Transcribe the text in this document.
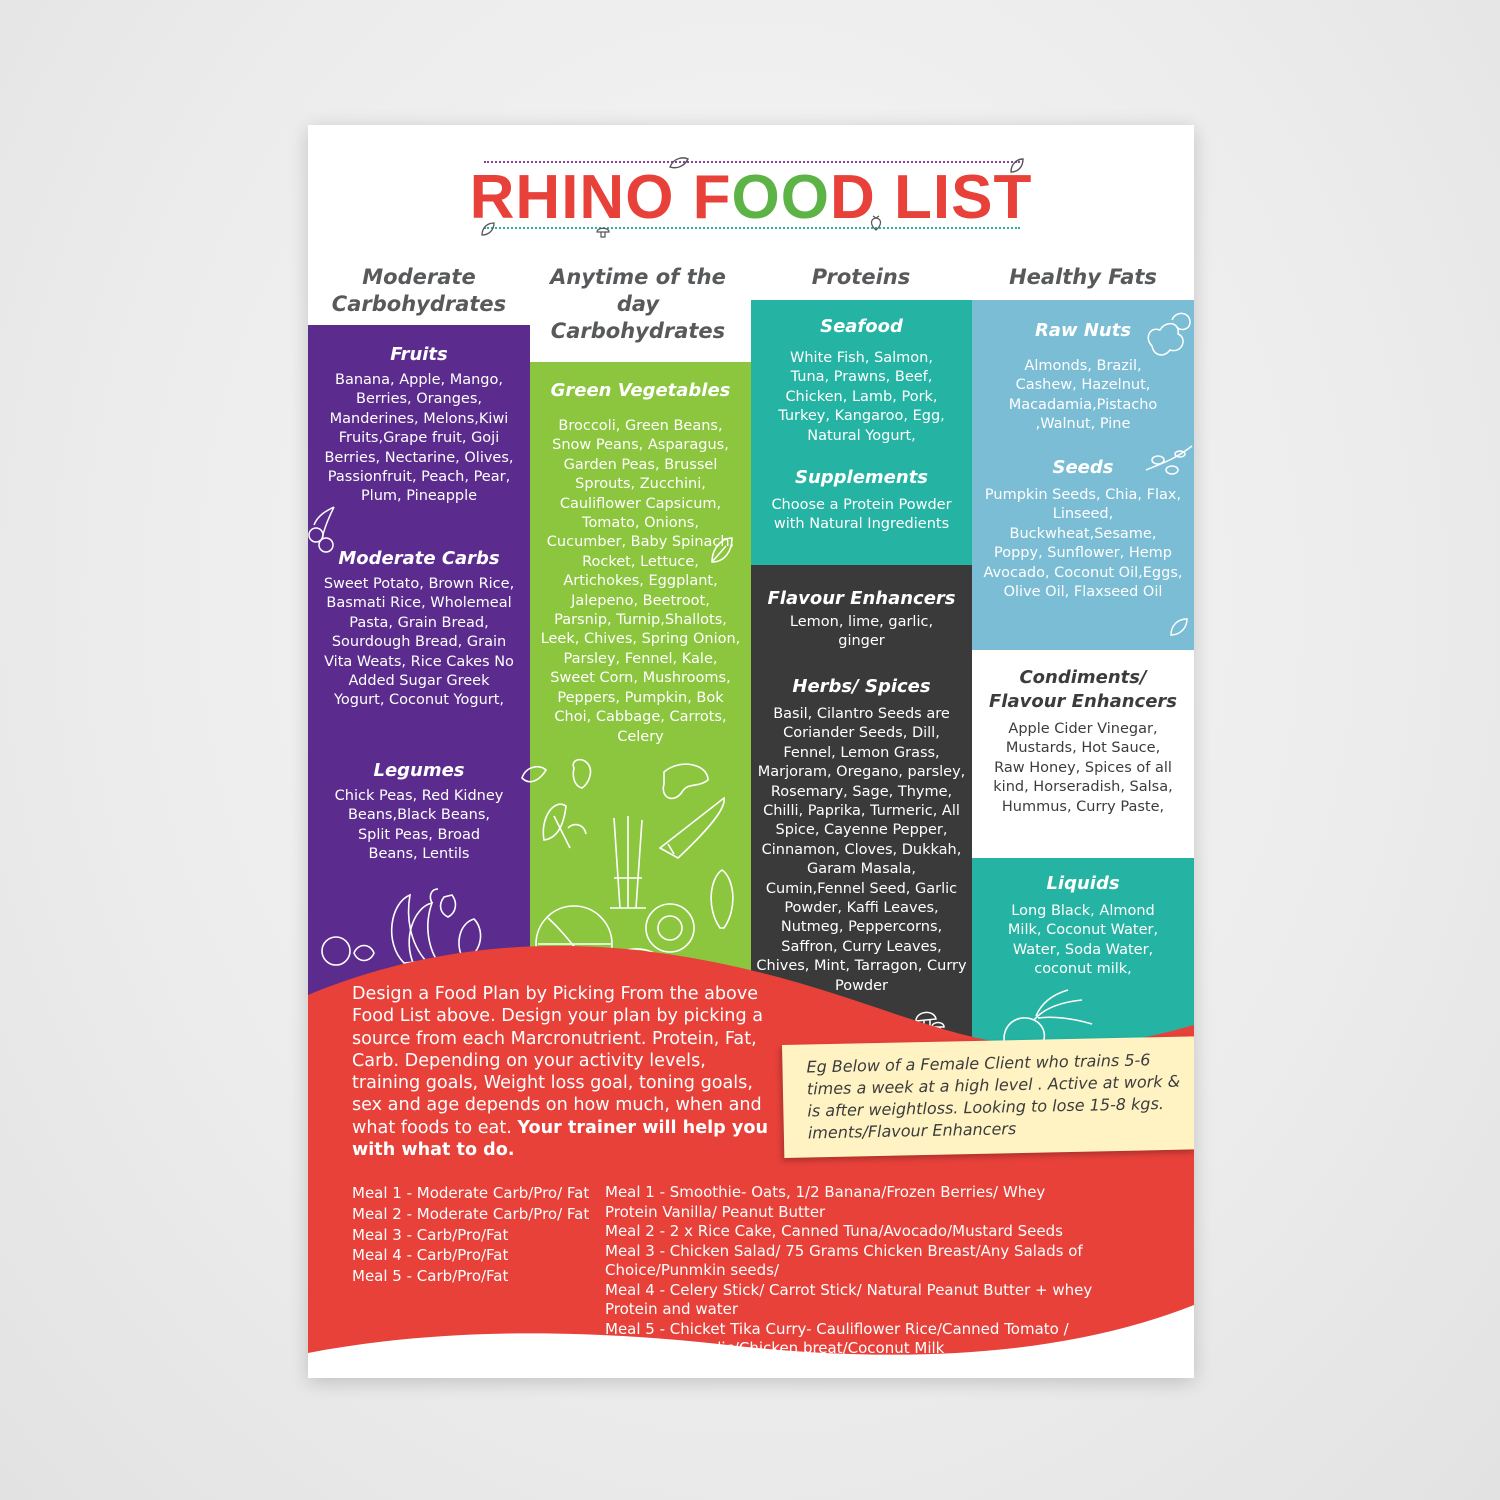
RHINO FOOD LIST
Moderate Carbohydrates
Anytime of the day Carbohydrates
Proteins	Healthy Fats
Fruits
Banana, Apple, Mango, Berries, Oranges, Manderines, Melons,Kiwi Fruits,Grape fruit, Goji Berries, Nectarine, Olives, Passionfruit, Peach, Pear, Plum, Pineapple
Moderate Carbs
Sweet Potato, Brown Rice, Basmati Rice, Wholemeal Pasta, Grain Bread, Sourdough Bread, Grain Vita Weats, Rice Cakes No Added Sugar Greek Yogurt, Coconut Yogurt,
Legumes
Chick Peas, Red Kidney Beans,Black Beans, Split Peas, Broad Beans, Lentils
Green Vegetables
Broccoli, Green Beans, Snow Peans, Asparagus, Garden Peas, Brussel Sprouts, Zucchini, Cauliflower Capsicum, Tomato, Onions, Cucumber, Baby Spinach, Rocket, Lettuce, Artichokes, Eggplant, Jalepeno, Beetroot, Parsnip, Turnip,Shallots, Leek, Chives, Spring Onion, Parsley, Fennel, Kale, Sweet Corn, Mushrooms, Peppers, Pumpkin, Bok Choi, Cabbage, Carrots, Celery
Seafood
White Fish, Salmon, Tuna, Prawns, Beef, Chicken, Lamb, Pork, Turkey, Kangaroo, Egg, Natural Yogurt,
Supplements
Choose a Protein Powder with Natural Ingredients
Flavour Enhancers
Lemon, lime, garlic, ginger
Herbs/ Spices
Basil, Cilantro Seeds are Coriander Seeds, Dill, Fennel, Lemon Grass, Marjoram, Oregano, parsley, Rosemary, Sage, Thyme, Chilli, Paprika, Turmeric, All Spice, Cayenne Pepper, Cinnamon, Cloves, Dukkah, Garam Masala, Cumin,Fennel Seed, Garlic Powder, Kaffi Leaves, Nutmeg, Peppercorns, Saffron, Curry Leaves, Chives, Mint, Tarragon, Curry Powder
Raw Nuts
Almonds, Brazil, Cashew, Hazelnut, Macadamia,Pistacho ,Walnut, Pine
Seeds
Pumpkin Seeds, Chia, Flax, Linseed, Buckwheat,Sesame, Poppy, Sunflower, Hemp Avocado, Coconut Oil,Eggs, Olive Oil, Flaxseed Oil
Condiments/ Flavour Enhancers
Apple Cider Vinegar, Mustards, Hot Sauce, Raw Honey, Spices of all kind, Horseradish, Salsa, Hummus, Curry Paste,
Liquids
Long Black, Almond Milk, Coconut Water, Water, Soda Water, coconut milk,
Design a Food Plan by Picking From the above Food List above. Design your plan by picking a source from each Marcronutrient. Protein, Fat, Carb. Depending on your activity levels, training goals, Weight loss goal, toning goals, sex and age depends on how much, when and what foods to eat. Your trainer will help you with what to do.
Eg Below of a Female Client who trains 5-6 times a week at a high level . Active at work & is after weightloss. Looking to lose 15-8 kgs. iments/Flavour Enhancers
Meal 1 - Moderate Carb/Pro/ Fat
Meal 2 - Moderate Carb/Pro/ Fat
Meal 3 - Carb/Pro/Fat
Meal 4 - Carb/Pro/Fat
Meal 5 - Carb/Pro/Fat
Meal 1 - Smoothie- Oats, 1/2 Banana/Frozen Berries/ Whey Protein Vanilla/ Peanut Butter
Meal 2 - 2 x Rice Cake, Canned Tuna/Avocado/Mustard Seeds
Meal 3 - Chicken Salad/ 75 Grams Chicken Breast/Any Salads of Choice/Punmkin seeds/
Meal 4 - Celery Stick/ Carrot Stick/ Natural Peanut Butter + whey Protein and water
Meal 5 - Chicket Tika Curry- Cauliflower Rice/Canned Tomato / Tika Paste, Garlic/Chicken breat/Coconut Milk
